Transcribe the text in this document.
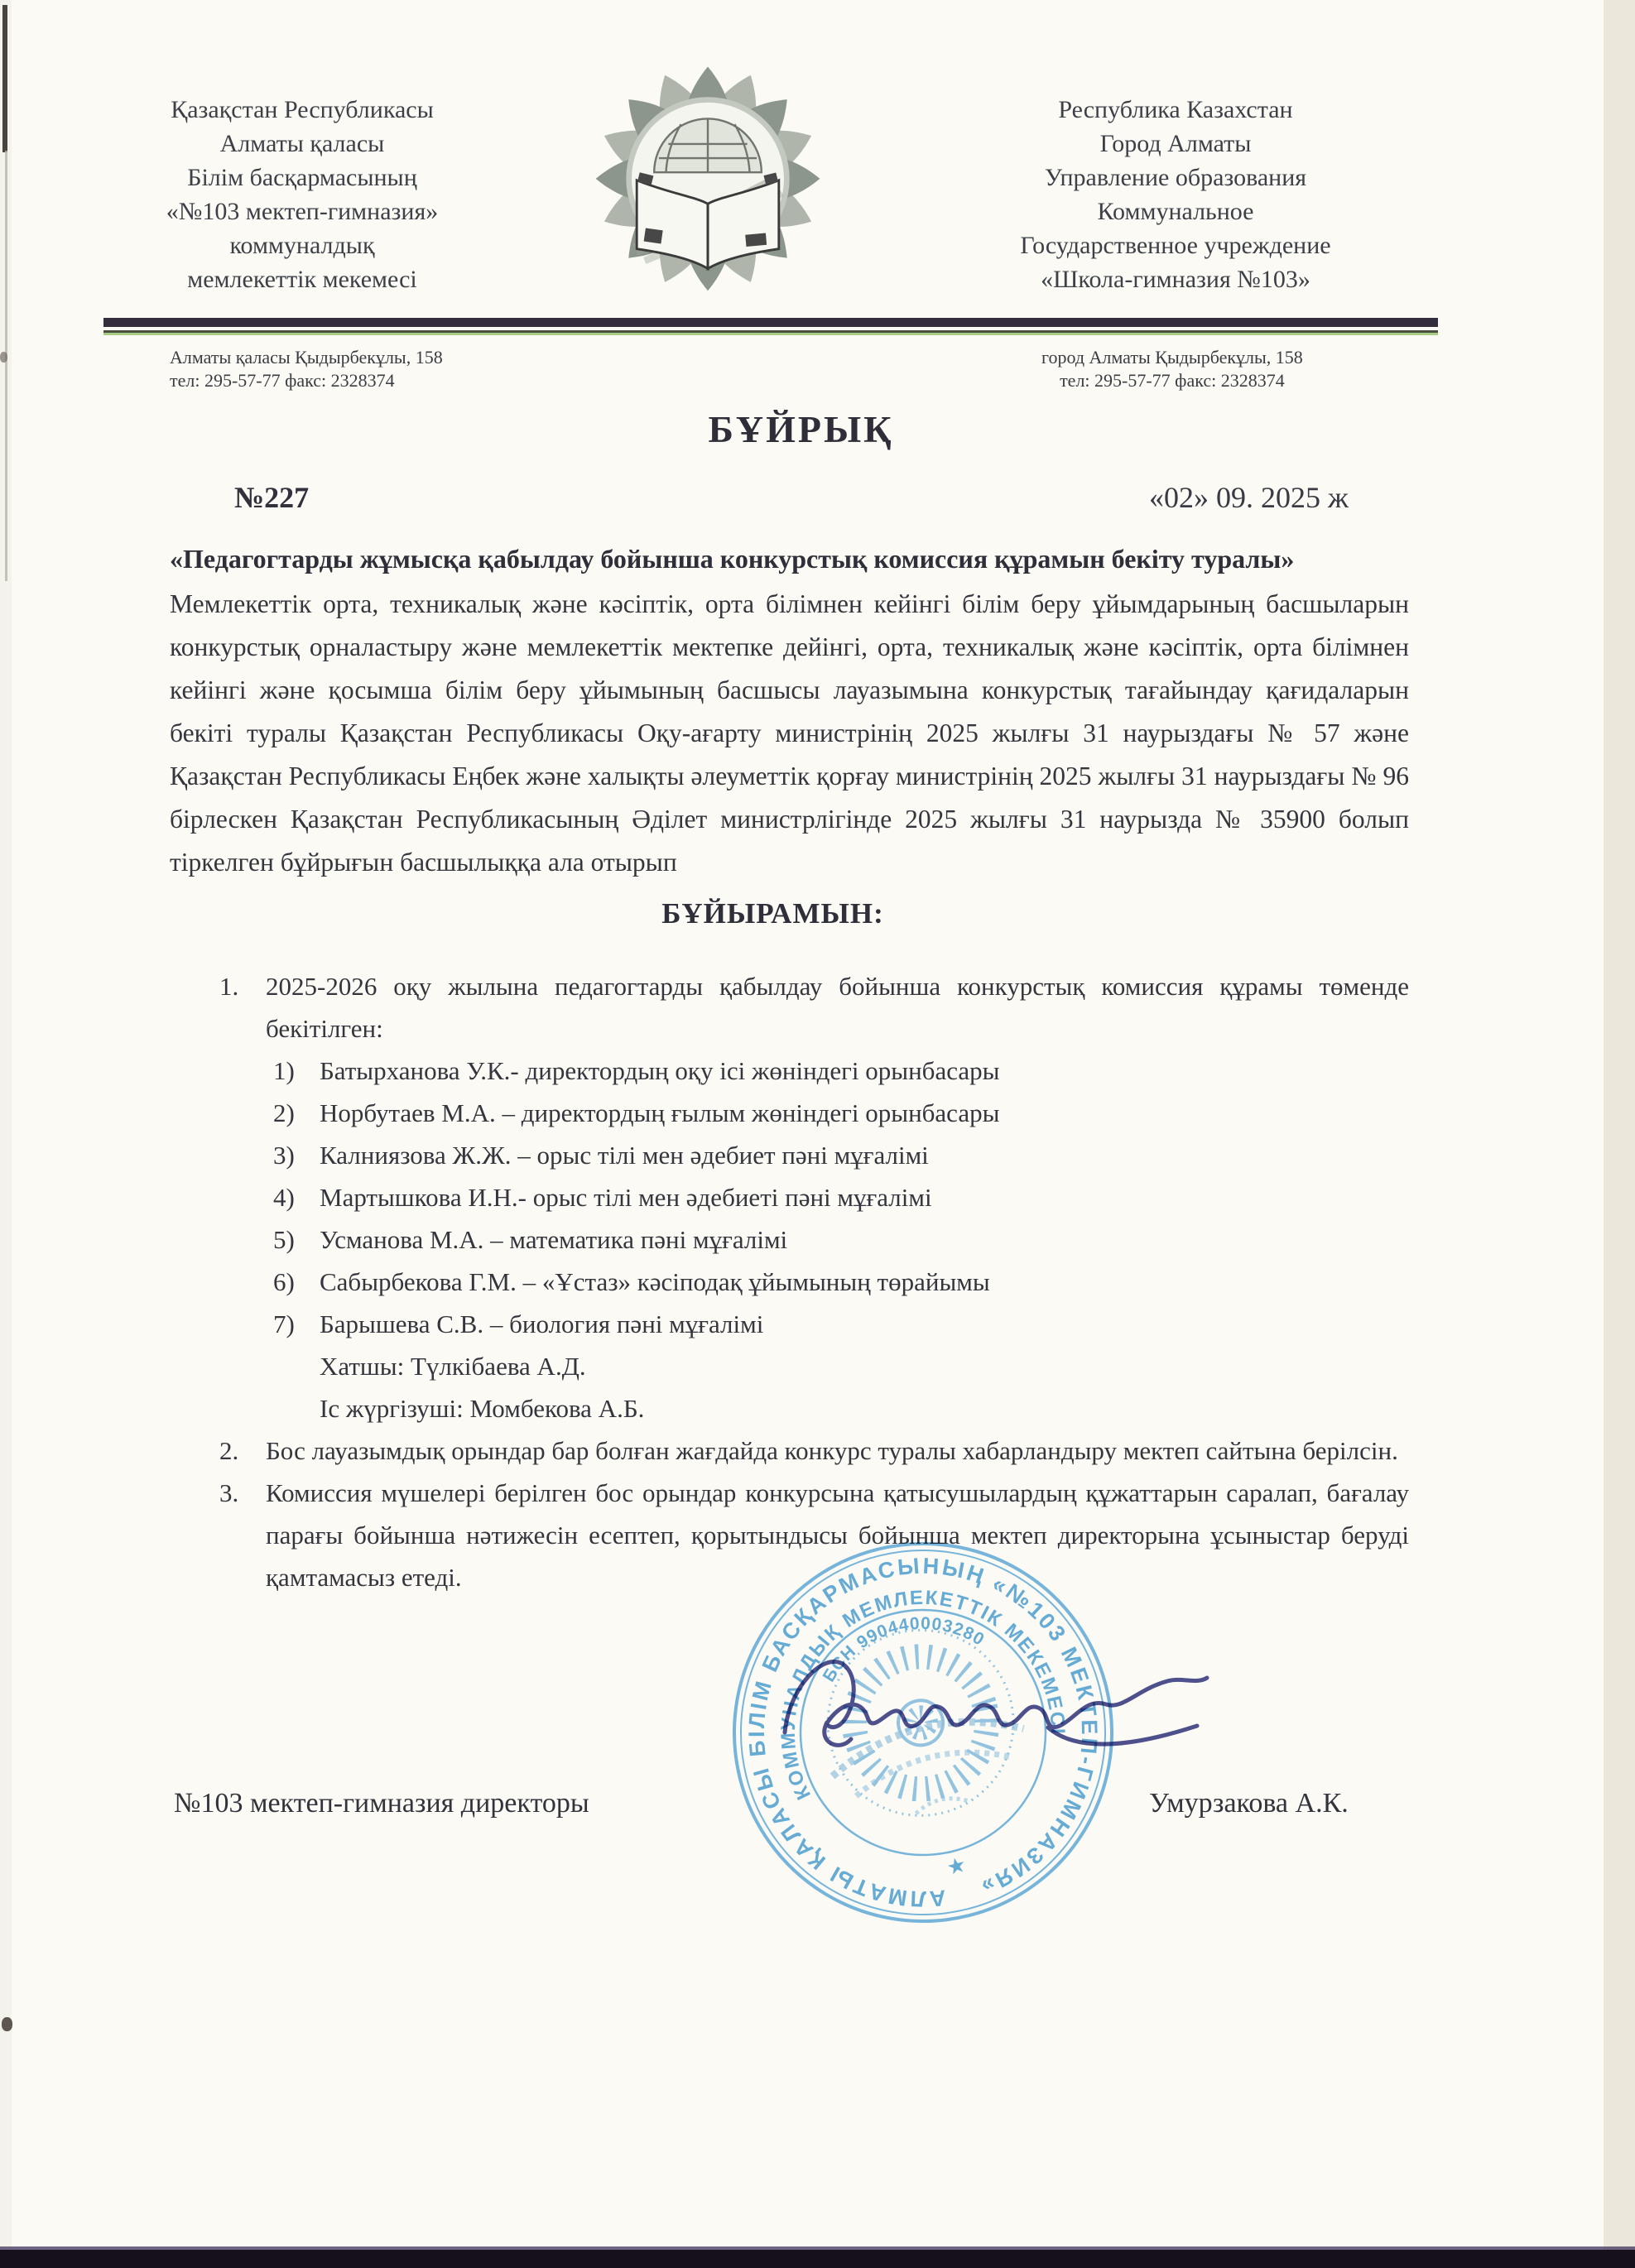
Қазақстан Республикасы
Алматы қаласы
Білім басқармасының
«№103 мектеп-гимназия»
коммуналдық
мемлекеттік мекемесі
Республика Казахстан
Город Алматы
Управление образования
Коммунальное
Государственное учреждение
«Школа-гимназия №103»
Алматы қаласы Қыдырбекұлы, 158
тел: 295-57-77 факс: 2328374
город Алматы Қыдырбекұлы, 158
тел: 295-57-77 факс: 2328374
БҰЙРЫҚ
№227	«02» 09. 2025 ж
«Педагогтарды жұмысқа қабылдау бойынша конкурстық комиссия құрамын бекіту туралы»
Мемлекеттік орта, техникалық және кәсіптік, орта білімнен кейінгі білім беру ұйымдарының басшыларын конкурстық орналастыру және мемлекеттік мектепке дейінгі, орта, техникалық және кәсіптік, орта білімнен кейінгі және қосымша білім беру ұйымының басшысы лауазымына конкурстық тағайындау қағидаларын бекіті туралы Қазақстан Республикасы Оқу-ағарту министрінің 2025 жылғы 31 наурыздағы № 57 және Қазақстан Республикасы Еңбек және халықты әлеуметтік қорғау министрінің 2025 жылғы 31 наурыздағы № 96 бірлескен Қазақстан Республикасының Әділет министрлігінде 2025 жылғы 31 наурызда № 35900 болып тіркелген бұйрығын басшылыққа ала отырып
БҰЙЫРАМЫН:
1.	2025-2026 оқу жылына педагогтарды қабылдау бойынша конкурстық комиссия құрамы төменде бекітілген:
1) Батырханова У.К.- директордың оқу ісі жөніндегі орынбасары
2) Норбутаев М.А. – директордың ғылым жөніндегі орынбасары
3) Калниязова Ж.Ж. – орыс тілі мен әдебиет пәні мұғалімі
4) Мартышкова И.Н.- орыс тілі мен әдебиеті пәні мұғалімі
5) Усманова М.А. – математика пәні мұғалімі
6) Сабырбекова Г.М. – «Ұстаз» кәсіподақ ұйымының төрайымы
7) Барышева С.В. – биология пәні мұғалімі
Хатшы: Түлкібаева А.Д.
Іс жүргізуші: Момбекова А.Б.
2.	Бос лауазымдық орындар бар болған жағдайда конкурс туралы хабарландыру мектеп сайтына берілсін.
3.	Комиссия мүшелері берілген бос орындар конкурсына қатысушылардың құжаттарын саралап, бағалау парағы бойынша нәтижесін есептеп, қорытындысы бойынша мектеп директорына ұсыныстар беруді қамтамасыз етеді.
АЛМАТЫ ҚАЛАСЫ БІЛІМ БАСҚАРМАСЫНЫҢ «№103 МЕКТЕП-ГИМНАЗИЯ»
КОММУНАЛДЫҚ МЕМЛЕКЕТТІК МЕКЕМЕСІ
БСН 990440003280
★
№103 мектеп-гимназия директоры	Умурзакова А.К.
